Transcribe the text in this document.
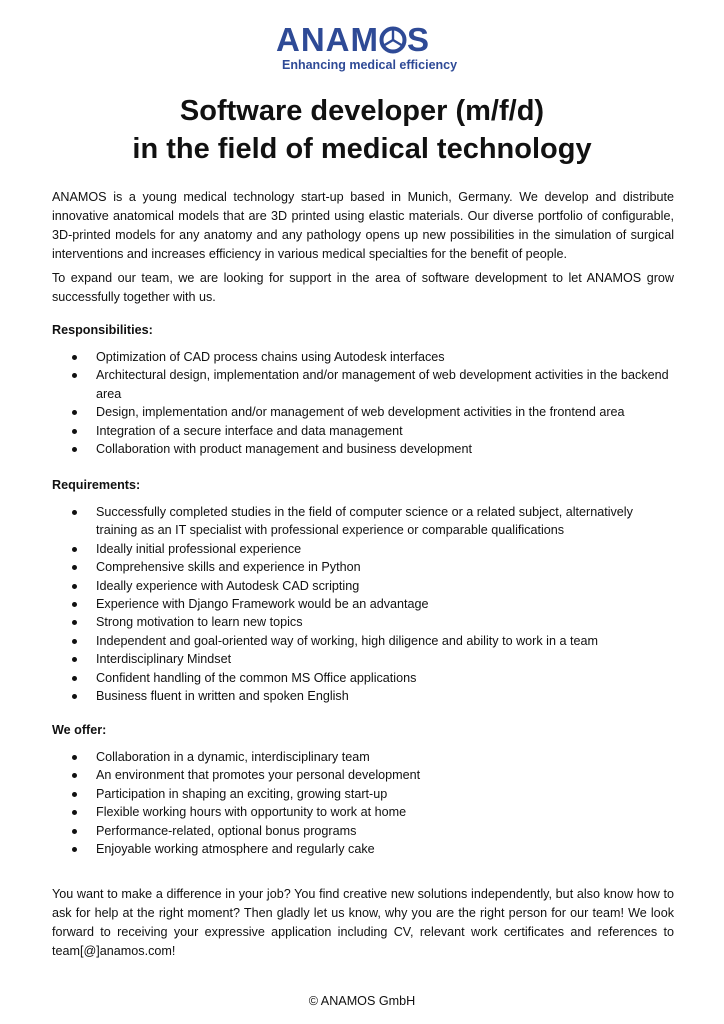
ANAM S
Enhancing medical efficiency
Software developer (m/f/d)
in the field of medical technology
ANAMOS is a young medical technology start-up based in Munich, Germany. We develop and distribute innovative anatomical models that are 3D printed using elastic materials. Our diverse portfolio of configurable, 3D-printed models for any anatomy and any pathology opens up new possibilities in the simulation of surgical interventions and increases efficiency in various medical specialties for the benefit of people.
To expand our team, we are looking for support in the area of software development to let ANAMOS grow successfully together with us.
Responsibilities:
Optimization of CAD process chains using Autodesk interfaces
Architectural design, implementation and/or management of web development activities in the backend area
Design, implementation and/or management of web development activities in the frontend area
Integration of a secure interface and data management
Collaboration with product management and business development
Requirements:
Successfully completed studies in the field of computer science or a related subject, alternatively training as an IT specialist with professional experience or comparable qualifications
Ideally initial professional experience
Comprehensive skills and experience in Python
Ideally experience with Autodesk CAD scripting
Experience with Django Framework would be an advantage
Strong motivation to learn new topics
Independent and goal-oriented way of working, high diligence and ability to work in a team
Interdisciplinary Mindset
Confident handling of the common MS Office applications
Business fluent in written and spoken English
We offer:
Collaboration in a dynamic, interdisciplinary team
An environment that promotes your personal development
Participation in shaping an exciting, growing start-up
Flexible working hours with opportunity to work at home
Performance-related, optional bonus programs
Enjoyable working atmosphere and regularly cake
You want to make a difference in your job? You find creative new solutions independently, but also know how to ask for help at the right moment? Then gladly let us know, why you are the right person for our team! We look forward to receiving your expressive application including CV, relevant work certificates and references to team[@]anamos.com!
© ANAMOS GmbH
